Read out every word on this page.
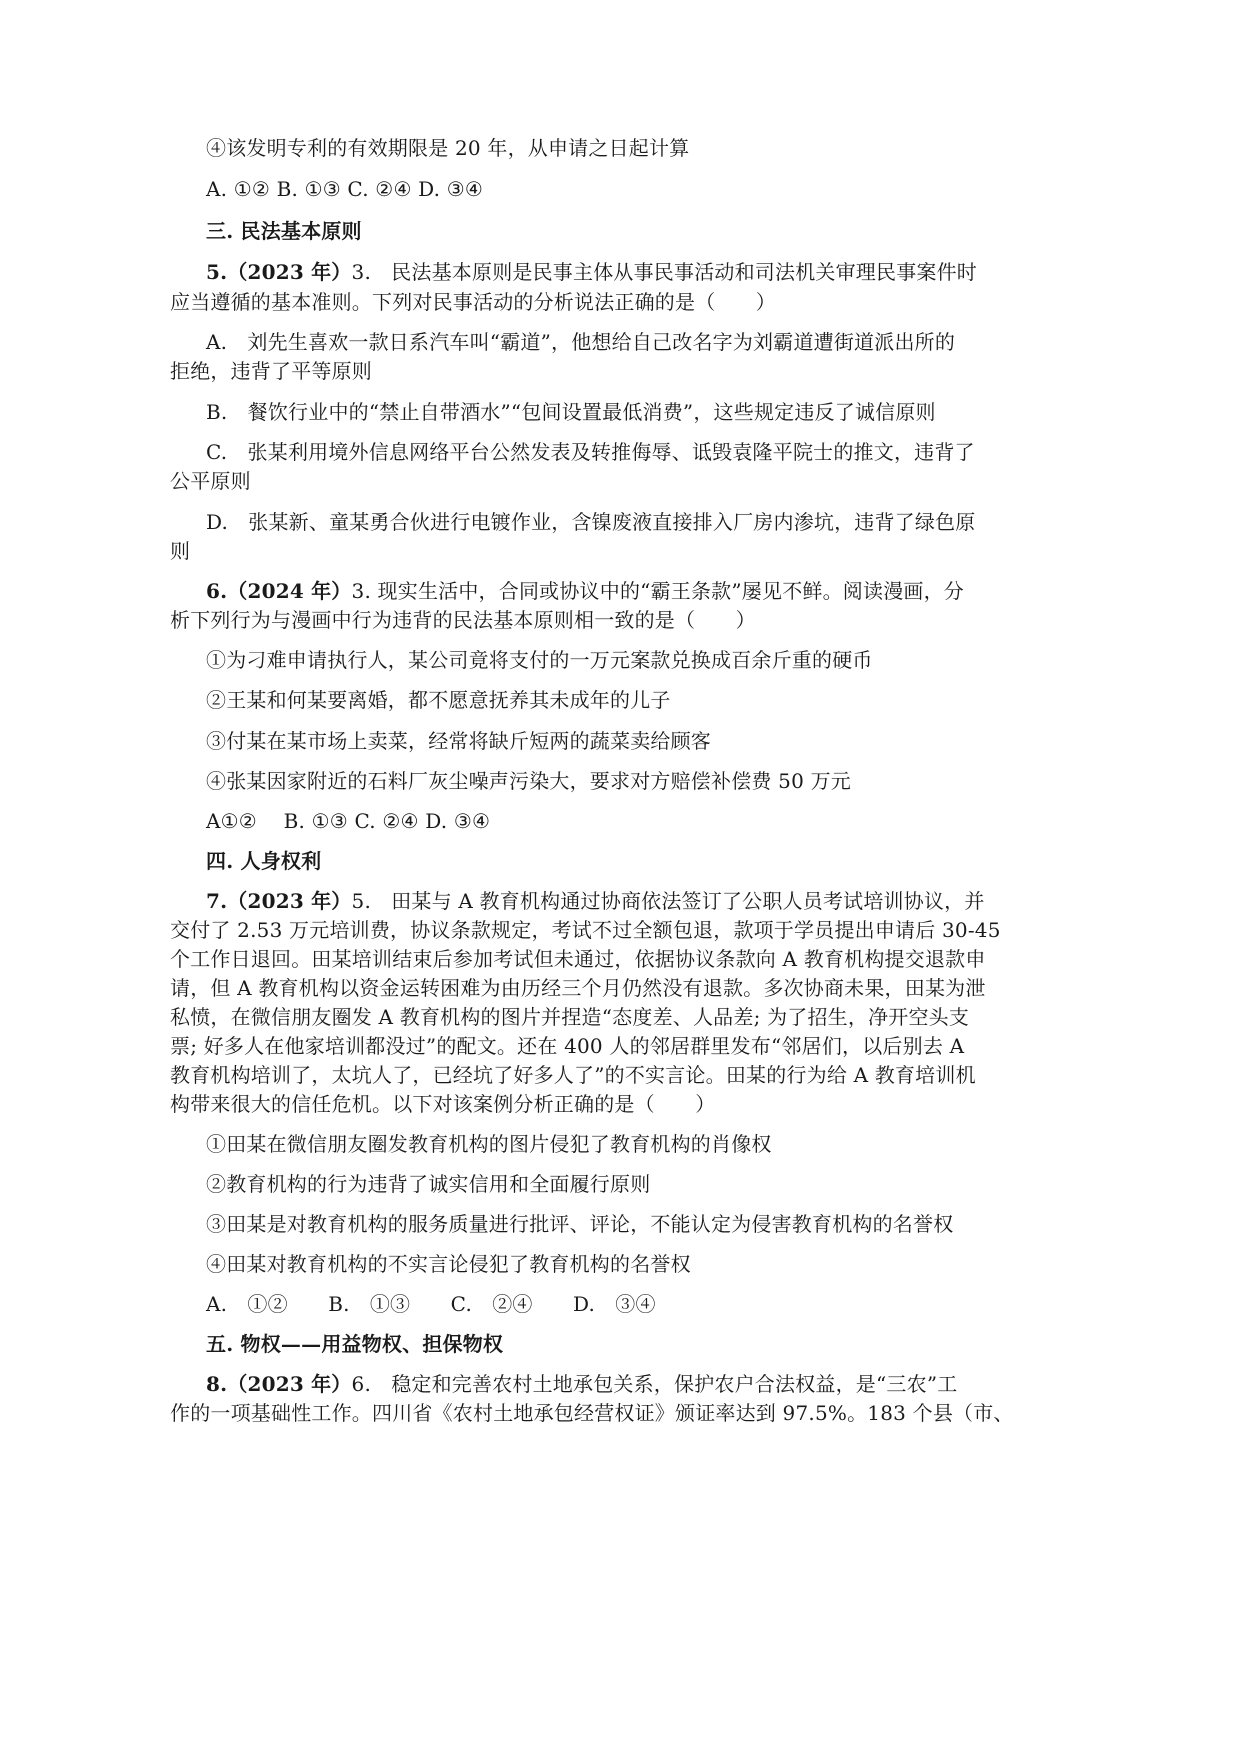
④该发明专利的有效期限是 20 年，从申请之日起计算
A. ①② B. ①③ C. ②④ D. ③④
三. 民法基本原则
5.（2023 年）3.　民法基本原则是民事主体从事民事活动和司法机关审理民事案件时
应当遵循的基本准则。下列对民事活动的分析说法正确的是（　　）
A.　刘先生喜欢一款日系汽车叫“霸道”，他想给自己改名字为刘霸道遭街道派出所的
拒绝，违背了平等原则
B.　餐饮行业中的“禁止自带酒水”“包间设置最低消费”，这些规定违反了诚信原则
C.　张某利用境外信息网络平台公然发表及转推侮辱、诋毁袁隆平院士的推文，违背了
公平原则
D.　张某新、童某勇合伙进行电镀作业，含镍废液直接排入厂房内渗坑，违背了绿色原
则
6.（2024 年）3. 现实生活中，合同或协议中的“霸王条款”屡见不鲜。阅读漫画，分
析下列行为与漫画中行为违背的民法基本原则相一致的是（　　）
①为刁难申请执行人，某公司竟将支付的一万元案款兑换成百余斤重的硬币
②王某和何某要离婚，都不愿意抚养其未成年的儿子
③付某在某市场上卖菜，经常将缺斤短两的蔬菜卖给顾客
④张某因家附近的石料厂灰尘噪声污染大，要求对方赔偿补偿费 50 万元
A①②　 B. ①③ C. ②④ D. ③④
四. 人身权利
7.（2023 年）5.　田某与 A 教育机构通过协商依法签订了公职人员考试培训协议，并
交付了 2.53 万元培训费，协议条款规定，考试不过全额包退，款项于学员提出申请后 30-45
个工作日退回。田某培训结束后参加考试但未通过，依据协议条款向 A 教育机构提交退款申
请，但 A 教育机构以资金运转困难为由历经三个月仍然没有退款。多次协商未果，田某为泄
私愤，在微信朋友圈发 A 教育机构的图片并捏造“态度差、人品差; 为了招生，净开空头支
票; 好多人在他家培训都没过”的配文。还在 400 人的邻居群里发布“邻居们，以后别去 A
教育机构培训了，太坑人了，已经坑了好多人了”的不实言论。田某的行为给 A 教育培训机
构带来很大的信任危机。以下对该案例分析正确的是（　　）
①田某在微信朋友圈发教育机构的图片侵犯了教育机构的肖像权
②教育机构的行为违背了诚实信用和全面履行原则
③田某是对教育机构的服务质量进行批评、评论，不能认定为侵害教育机构的名誉权
④田某对教育机构的不实言论侵犯了教育机构的名誉权
A.　①②　　B.　①③　　C.　②④　　D.　③④
五. 物权——用益物权、担保物权
8.（2023 年）6.　稳定和完善农村土地承包关系，保护农户合法权益，是“三农”工
作的一项基础性工作。四川省《农村土地承包经营权证》颁证率达到 97.5%。183 个县（市、
